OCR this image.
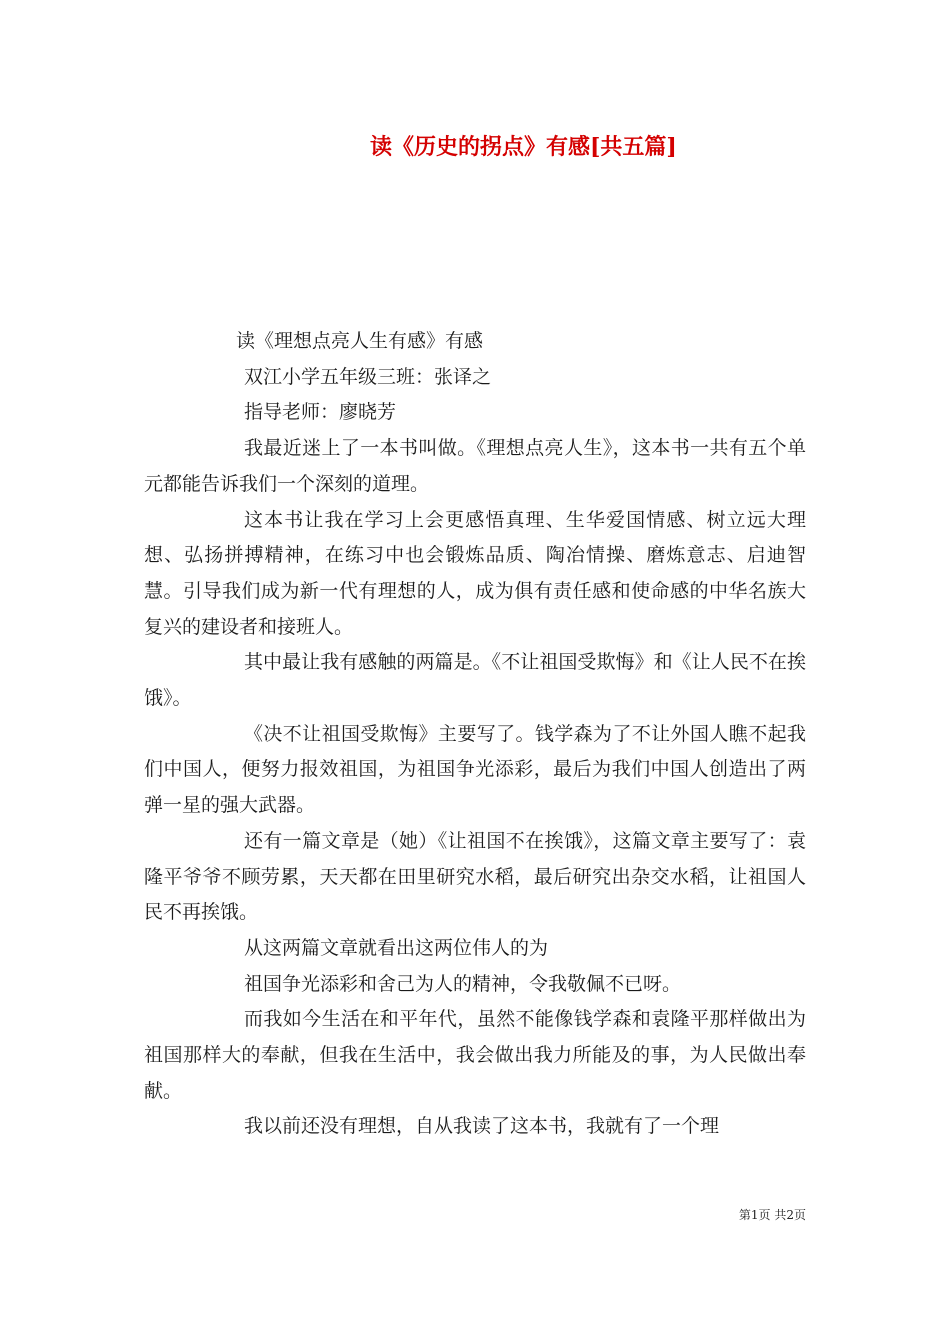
读《历史的拐点》有感[共五篇]

读《理想点亮人生有感》有感

双江小学五年级三班：张译之

指导老师：廖晓芳

我最近迷上了一本书叫做。《理想点亮人生》，这本书一共有五个单元都能告诉我们一个深刻的道理。

这本书让我在学习上会更感悟真理、生华爱国情感、树立远大理想、弘扬拼搏精神，在练习中也会锻炼品质、陶冶情操、磨炼意志、启迪智慧。引导我们成为新一代有理想的人，成为俱有责任感和使命感的中华名族大复兴的建设者和接班人。

其中最让我有感触的两篇是。《不让祖国受欺悔》和《让人民不在挨饿》。

《决不让祖国受欺悔》主要写了。钱学森为了不让外国人瞧不起我们中国人，便努力报效祖国，为祖国争光添彩，最后为我们中国人创造出了两弹一星的强大武器。

还有一篇文章是（她）《让祖国不在挨饿》，这篇文章主要写了：袁隆平爷爷不顾劳累，天天都在田里研究水稻，最后研究出杂交水稻，让祖国人民不再挨饿。

从这两篇文章就看出这两位伟人的为

祖国争光添彩和舍己为人的精神，令我敬佩不已呀。

而我如今生活在和平年代，虽然不能像钱学森和袁隆平那样做出为祖国那样大的奉献，但我在生活中，我会做出我力所能及的事，为人民做出奉献。

我以前还没有理想，自从我读了这本书，我就有了一个理

第1页 共2页
